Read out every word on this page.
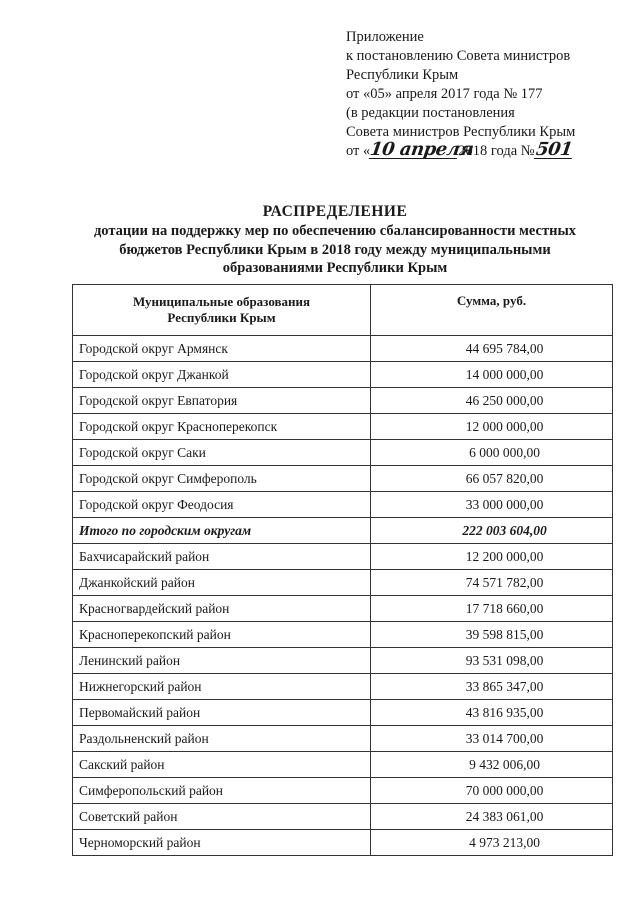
Приложение
к постановлению Совета министров
Республики Крым
от «05» апреля 2017 года № 177
(в редакции постановления
Совета министров Республики Крым
от «10 апреля2018 года №501
РАСПРЕДЕЛЕНИЕ
дотации на поддержку мер по обеспечению сбалансированности местных
бюджетов Республики Крым в 2018 году между муниципальными
образованиями Республики Крым
Муниципальные образования
Республики Крым	Сумма, руб.
Городской округ Армянск	44 695 784,00
Городской округ Джанкой	14 000 000,00
Городской округ Евпатория	46 250 000,00
Городской округ Красноперекопск	12 000 000,00
Городской округ Саки	6 000 000,00
Городской округ Симферополь	66 057 820,00
Городской округ Феодосия	33 000 000,00
Итого по городским округам	222 003 604,00
Бахчисарайский район	12 200 000,00
Джанкойский район	74 571 782,00
Красногвардейский район	17 718 660,00
Красноперекопский район	39 598 815,00
Ленинский район	93 531 098,00
Нижнегорский район	33 865 347,00
Первомайский район	43 816 935,00
Раздольненский район	33 014 700,00
Сакский район	9 432 006,00
Симферопольский район	70 000 000,00
Советский район	24 383 061,00
Черноморский район	4 973 213,00
